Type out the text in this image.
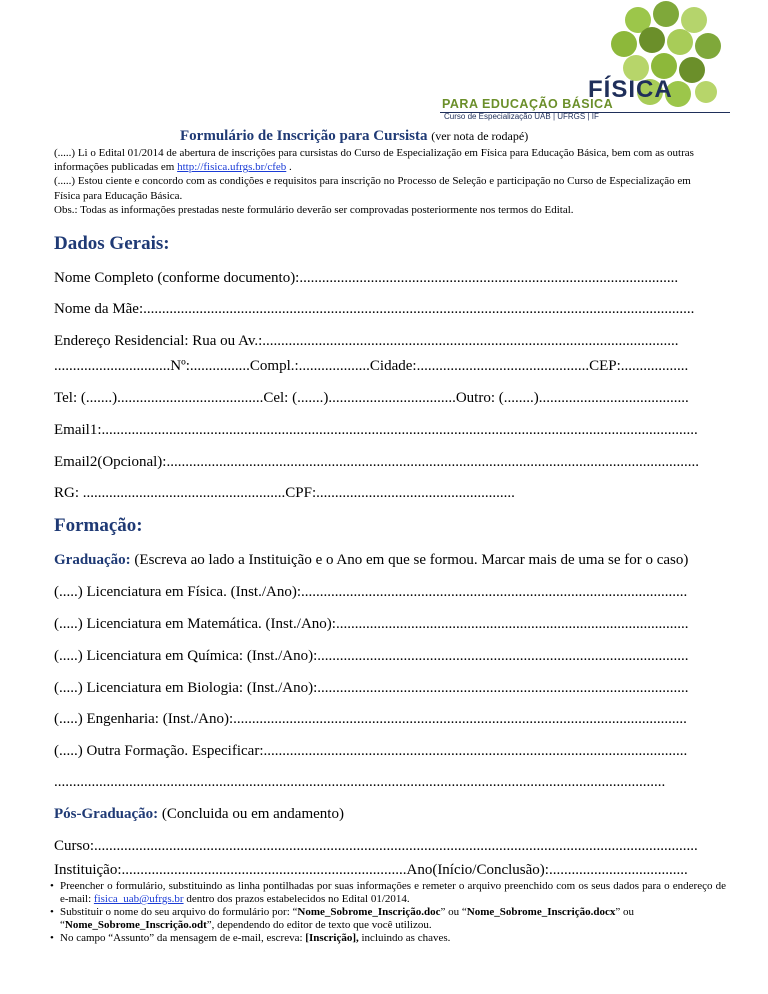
FÍSICA
PARA EDUCAÇÃO BÁSICA
Curso de Especialização UAB | UFRGS | IF
Formulário de Inscrição para Cursista (ver nota de rodapé)
(.....) Li o Edital 01/2014 de abertura de inscrições para cursistas do Curso de Especialização em Física para Educação Básica, bem com as outras informações publicadas em http://fisica.ufrgs.br/cfeb .
(.....) Estou ciente e concordo com as condições e requisitos para inscrição no Processo de Seleção e participação no Curso de Especialização em Física para Educação Básica.
Obs.: Todas as informações prestadas neste formulário deverão ser comprovadas posteriormente nos termos do Edital.
Dados Gerais:
Nome Completo (conforme documento):.....................................................................................................
Nome da Mãe:...................................................................................................................................................
Endereço Residencial: Rua ou Av.:...............................................................................................................
...............................Nº:................Compl.:...................Cidade:..............................................CEP:..................
Tel: (.......).......................................Cel: (.......)..................................Outro: (........)........................................
Email1:...............................................................................................................................................................
Email2(Opcional):..............................................................................................................................................
RG: ......................................................CPF:.....................................................
Formação:
Graduação: (Escreva ao lado a Instituição e o Ano em que se formou. Marcar mais de uma se for o caso)
(.....) Licenciatura em Física. (Inst./Ano):.......................................................................................................
(.....) Licenciatura em Matemática. (Inst./Ano):..............................................................................................
(.....) Licenciatura em Química: (Inst./Ano):...................................................................................................
(.....) Licenciatura em Biologia: (Inst./Ano):...................................................................................................
(.....) Engenharia: (Inst./Ano):.........................................................................................................................
(.....) Outra Formação. Especificar:.................................................................................................................
...................................................................................................................................................................
Pós-Graduação: (Concluida ou em andamento)
Curso:.................................................................................................................................................................
Instituição:............................................................................Ano(Início/Conclusão):.....................................
• Preencher o formulário, substituindo as linha pontilhadas por suas informações e remeter o arquivo preenchido com os seus dados para o endereço de e-mail: fisica_uab@ufrgs.br dentro dos prazos estabelecidos no Edital 01/2014.
• Substituir o nome do seu arquivo do formulário por: “Nome_Sobrome_Inscrição.doc” ou “Nome_Sobrome_Inscrição.docx” ou “Nome_Sobrome_Inscrição.odt”, dependendo do editor de texto que você utilizou.
• No campo “Assunto” da mensagem de e-mail, escreva: [Inscrição], incluindo as chaves.
